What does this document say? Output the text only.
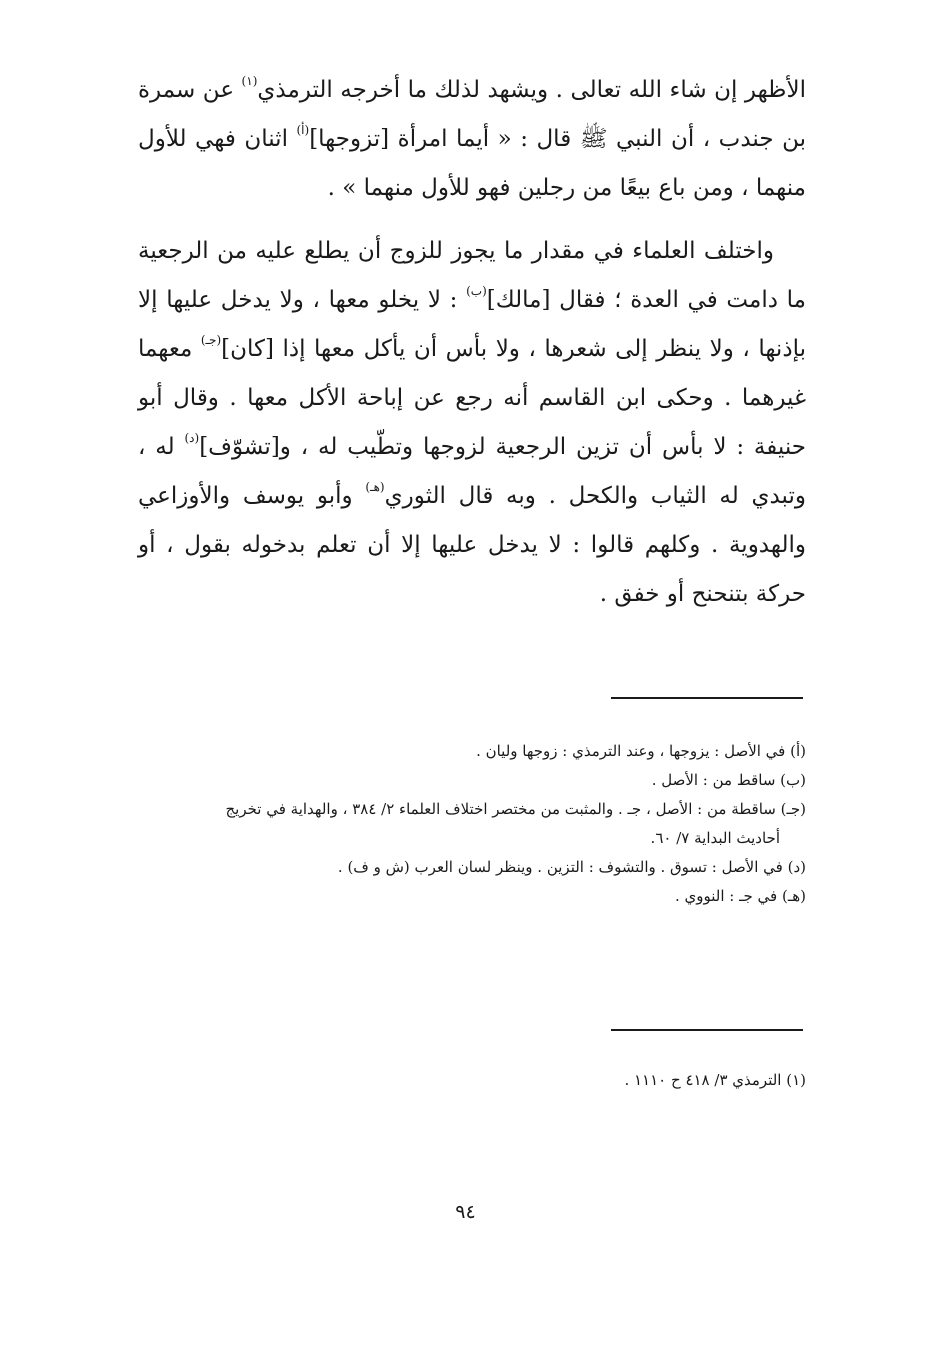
الأظهر إن شاء الله تعالى . ويشهد لذلك ما أخرجه الترمذي$^{(١)}$ عن سمرة بن جندب ، أن النبي ﷺ قال : « أيما امرأة [تزوجها]$^{(أ)}$ اثنان فهي للأول منهما ، ومن باع بيعًا من رجلين فهو للأول منهما » .

واختلف العلماء في مقدار ما يجوز للزوج أن يطلع عليه من الرجعية ما دامت في العدة ؛ فقال [مالك]$^{(ب)}$ : لا يخلو معها ، ولا يدخل عليها إلا بإذنها ، ولا ينظر إلى شعرها ، ولا بأس أن يأكل معها إذا [كان]$^{(جـ)}$ معهما غيرهما . وحكى ابن القاسم أنه رجع عن إباحة الأكل معها . وقال أبو حنيفة : لا بأس أن تزين الرجعية لزوجها وتطّيب له ، و[تشوّف]$^{(د)}$ له ، وتبدي له الثياب والكحل . وبه قال الثوري$^{(هـ)}$ وأبو يوسف والأوزاعي والهدوية . وكلهم قالوا : لا يدخل عليها إلا أن تعلم بدخوله بقول ، أو حركة بتنحنح أو خفق .

(أ) في الأصل : يزوجها ، وعند الترمذي : زوجها وليان .

(ب) ساقط من : الأصل .

(جـ) ساقطة من : الأصل ، جـ . والمثبت من مختصر اختلاف العلماء ٢/ ٣٨٤ ، والهداية في تخريج

أحاديث البداية ٧/ ٦٠.

(د) في الأصل : تسوق . والتشوف : التزين . وينظر لسان العرب (ش و ف) .

(هـ) في جـ : النووي .

(١) الترمذي ٣/ ٤١٨ ح ١١١٠ .

٩٤
